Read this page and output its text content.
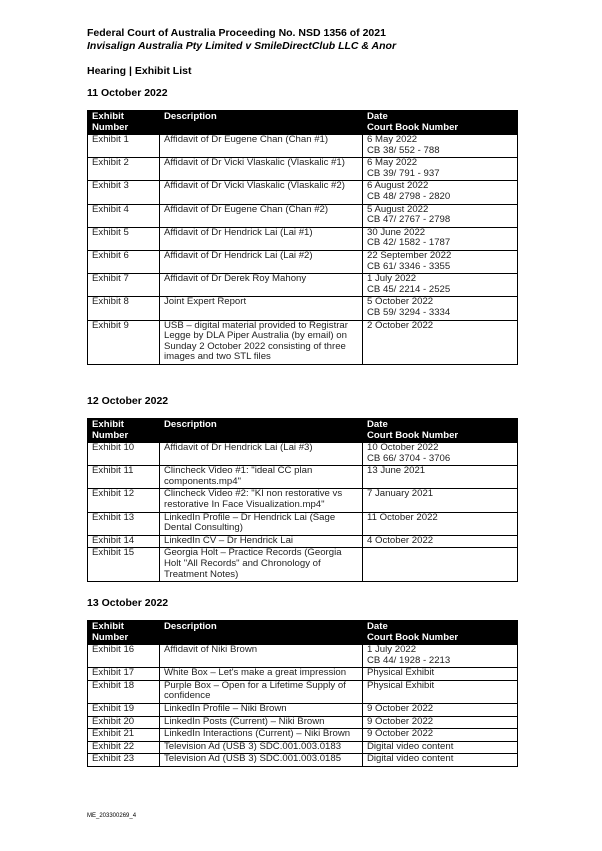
Federal Court of Australia Proceeding No. NSD 1356 of 2021
Invisalign Australia Pty Limited v SmileDirectClub LLC & Anor
Hearing | Exhibit List
11 October 2022
Exhibit
Number	Description	Date
Court Book Number
Exhibit 1	Affidavit of Dr Eugene Chan (Chan #1)	6 May 2022
CB 38/ 552 - 788

Exhibit 2	Affidavit of Dr Vicki Vlaskalic (Vlaskalic #1)	6 May 2022
CB 39/ 791 - 937

Exhibit 3	Affidavit of Dr Vicki Vlaskalic (Vlaskalic #2)	6 August 2022
CB 48/ 2798 - 2820

Exhibit 4	Affidavit of Dr Eugene Chan (Chan #2)	5 August 2022
CB 47/ 2767 - 2798

Exhibit 5	Affidavit of Dr Hendrick Lai (Lai #1)	30 June 2022
CB 42/ 1582 - 1787

Exhibit 6	Affidavit of Dr Hendrick Lai (Lai #2)	22 September 2022
CB 61/ 3346 - 3355

Exhibit 7	Affidavit of Dr Derek Roy Mahony	1 July 2022
CB 45/ 2214 - 2525

Exhibit 8	Joint Expert Report	5 October 2022
CB 59/ 3294 - 3334

Exhibit 9	USB – digital material provided to Registrar Legge by DLA Piper Australia (by email) on Sunday 2 October 2022 consisting of three images and two STL files	2 October 2022
12 October 2022
Exhibit
Number	Description	Date
Court Book Number
Exhibit 10	Affidavit of Dr Hendrick Lai (Lai #3)	10 October 2022
CB 66/ 3704 - 3706

Exhibit 11	Clincheck Video #1: "ideal CC plan components.mp4"	13 June 2021

Exhibit 12	Clincheck Video #2: "KI non restorative vs restorative In Face Visualization.mp4"	7 January 2021

Exhibit 13	LinkedIn Profile – Dr Hendrick Lai (Sage Dental Consulting)	11 October 2022

Exhibit 14	LinkedIn CV – Dr Hendrick Lai	4 October 2022

Exhibit 15	Georgia Holt – Practice Records (Georgia Holt "All Records" and Chronology of Treatment Notes)	
13 October 2022
Exhibit
Number	Description	Date
Court Book Number
Exhibit 16	Affidavit of Niki Brown	1 July 2022
CB 44/ 1928 - 2213

Exhibit 17	White Box – Let's make a great impression	Physical Exhibit

Exhibit 18	Purple Box – Open for a Lifetime Supply of confidence	Physical Exhibit

Exhibit 19	LinkedIn Profile – Niki Brown	9 October 2022

Exhibit 20	LinkedIn Posts (Current) – Niki Brown	9 October 2022

Exhibit 21	LinkedIn Interactions (Current) – Niki Brown	9 October 2022

Exhibit 22	Television Ad (USB 3) SDC.001.003.0183	Digital video content

Exhibit 23	Television Ad (USB 3) SDC.001.003.0185	Digital video content
ME_203300269_4
